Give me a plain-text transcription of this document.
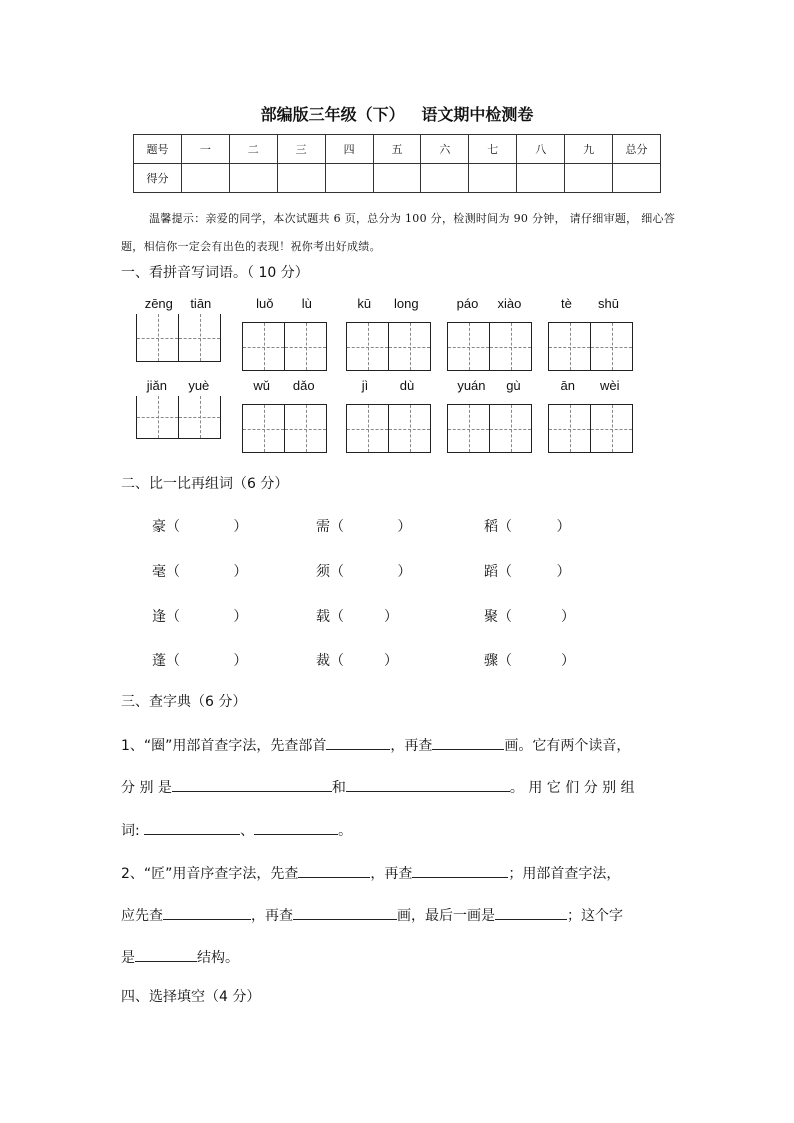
部编版三年级（下） 语文期中检测卷
题号	一	二	三	四	五	六	七	八	九	总分
得分										
温馨提示：亲爱的同学，本次试题共 6 页，总分为 100 分，检测时间为 90 分钟， 请仔细审题， 细心答题，相信你一定会有出色的表现！祝你考出好成绩。
一、看拼音写词语。（ 10 分）
zēng tiān	luǒ lù	kū long	páo xiào	tè shū
jiǎn yuè	wǔ dǎo	jì dù	yuán gù	ān wèi
二、比一比再组词（6 分）
豪（            ）	需（            ）	稻（          ）
毫（            ）	须（            ）	蹈（          ）
逢（            ）	载（         ）	聚（           ）
蓬（            ）	裁（         ）	骤（           ）
三、查字典（6 分）
1、“圈”用部首查字法，先查部首	，再查	画。它有两个读音，
分 别 是	和	。 用 它 们 分 别 组
词:	、	。
2、“匠”用音序查字法，先查	，再查	；用部首查字法，
应先查	，再查	画，最后一画是	；这个字
是	结构。
四、选择填空（4 分）
